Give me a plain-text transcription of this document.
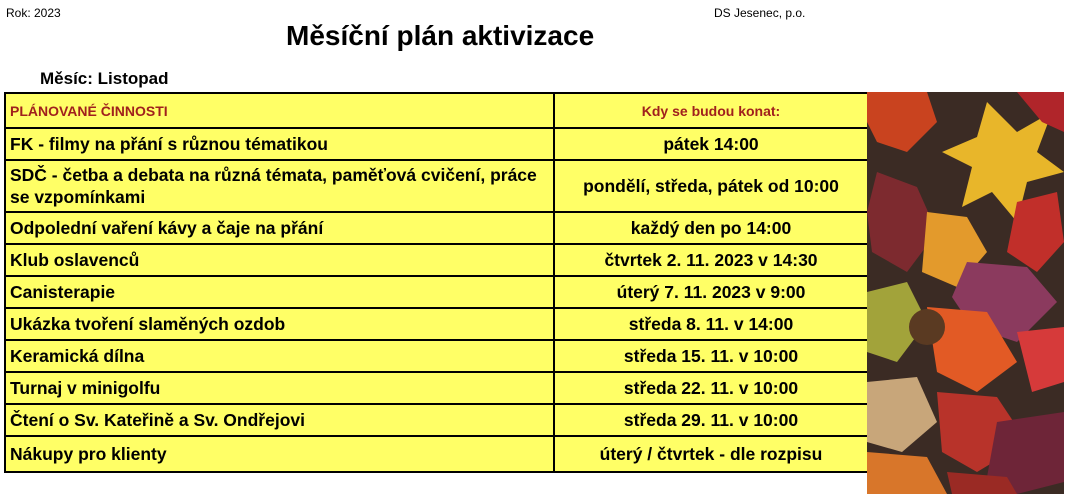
Rok: 2023	DS Jesenec, p.o.
Měsíční plán aktivizace
Měsíc: Listopad
PLÁNOVANÉ ČINNOSTI	Kdy se budou konat:
FK - filmy na přání s různou tématikou	pátek 14:00
SDČ - četba a debata na různá témata, paměťová cvičení, práce se vzpomínkami	pondělí, středa, pátek od 10:00
Odpolední vaření kávy a čaje na přání	každý den po 14:00
Klub oslavenců	čtvrtek 2. 11. 2023 v 14:30
Canisterapie	úterý 7. 11. 2023 v 9:00
Ukázka tvoření slaměných ozdob	středa 8. 11. v 14:00
Keramická dílna	středa 15. 11. v 10:00
Turnaj v minigolfu	středa 22. 11. v 10:00
Čtení o Sv. Kateřině a Sv. Ondřejovi	středa 29. 11. v 10:00
Nákupy pro klienty	úterý / čtvrtek - dle rozpisu
